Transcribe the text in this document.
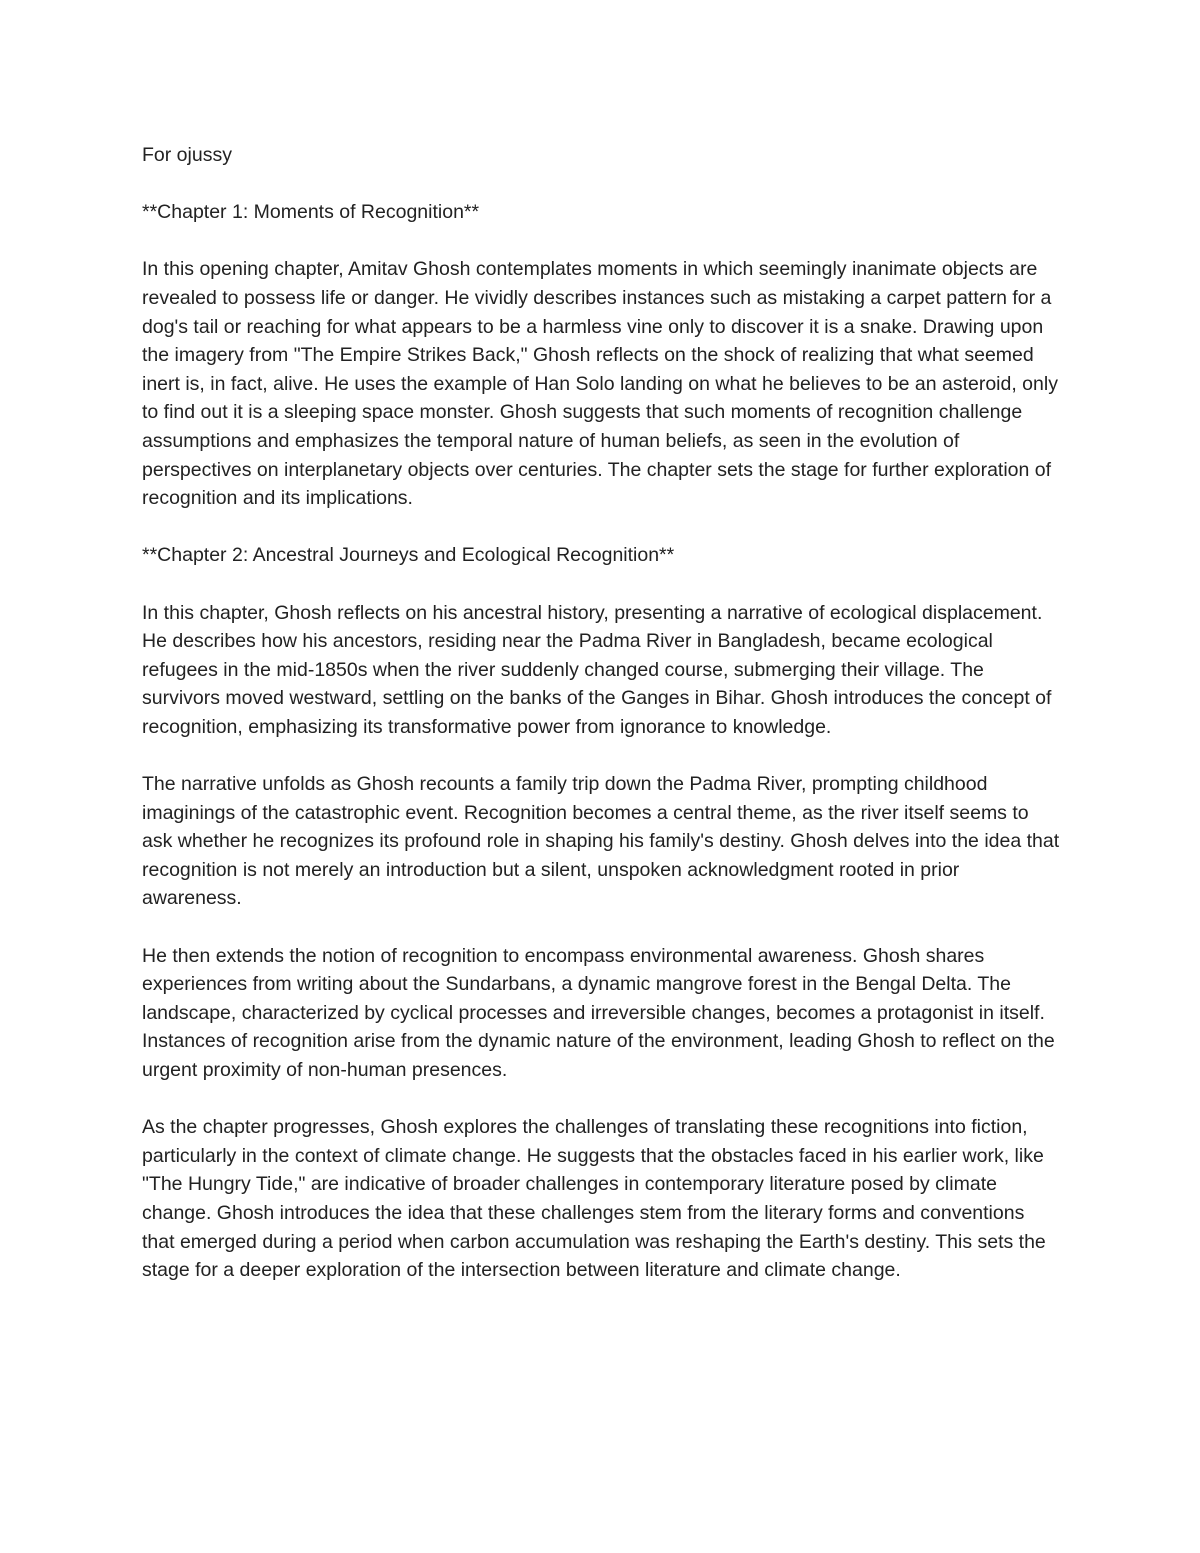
For ojussy

**Chapter 1: Moments of Recognition**

In this opening chapter, Amitav Ghosh contemplates moments in which seemingly inanimate objects are revealed to possess life or danger. He vividly describes instances such as mistaking a carpet pattern for a dog's tail or reaching for what appears to be a harmless vine only to discover it is a snake. Drawing upon the imagery from "The Empire Strikes Back," Ghosh reflects on the shock of realizing that what seemed inert is, in fact, alive. He uses the example of Han Solo landing on what he believes to be an asteroid, only to find out it is a sleeping space monster. Ghosh suggests that such moments of recognition challenge assumptions and emphasizes the temporal nature of human beliefs, as seen in the evolution of perspectives on interplanetary objects over centuries. The chapter sets the stage for further exploration of recognition and its implications.

**Chapter 2: Ancestral Journeys and Ecological Recognition**

In this chapter, Ghosh reflects on his ancestral history, presenting a narrative of ecological displacement. He describes how his ancestors, residing near the Padma River in Bangladesh, became ecological refugees in the mid-1850s when the river suddenly changed course, submerging their village. The survivors moved westward, settling on the banks of the Ganges in Bihar. Ghosh introduces the concept of recognition, emphasizing its transformative power from ignorance to knowledge.

The narrative unfolds as Ghosh recounts a family trip down the Padma River, prompting childhood imaginings of the catastrophic event. Recognition becomes a central theme, as the river itself seems to ask whether he recognizes its profound role in shaping his family's destiny. Ghosh delves into the idea that recognition is not merely an introduction but a silent, unspoken acknowledgment rooted in prior awareness.

He then extends the notion of recognition to encompass environmental awareness. Ghosh shares experiences from writing about the Sundarbans, a dynamic mangrove forest in the Bengal Delta. The landscape, characterized by cyclical processes and irreversible changes, becomes a protagonist in itself. Instances of recognition arise from the dynamic nature of the environment, leading Ghosh to reflect on the urgent proximity of non-human presences.

As the chapter progresses, Ghosh explores the challenges of translating these recognitions into fiction, particularly in the context of climate change. He suggests that the obstacles faced in his earlier work, like "The Hungry Tide," are indicative of broader challenges in contemporary literature posed by climate change. Ghosh introduces the idea that these challenges stem from the literary forms and conventions that emerged during a period when carbon accumulation was reshaping the Earth's destiny. This sets the stage for a deeper exploration of the intersection between literature and climate change.
